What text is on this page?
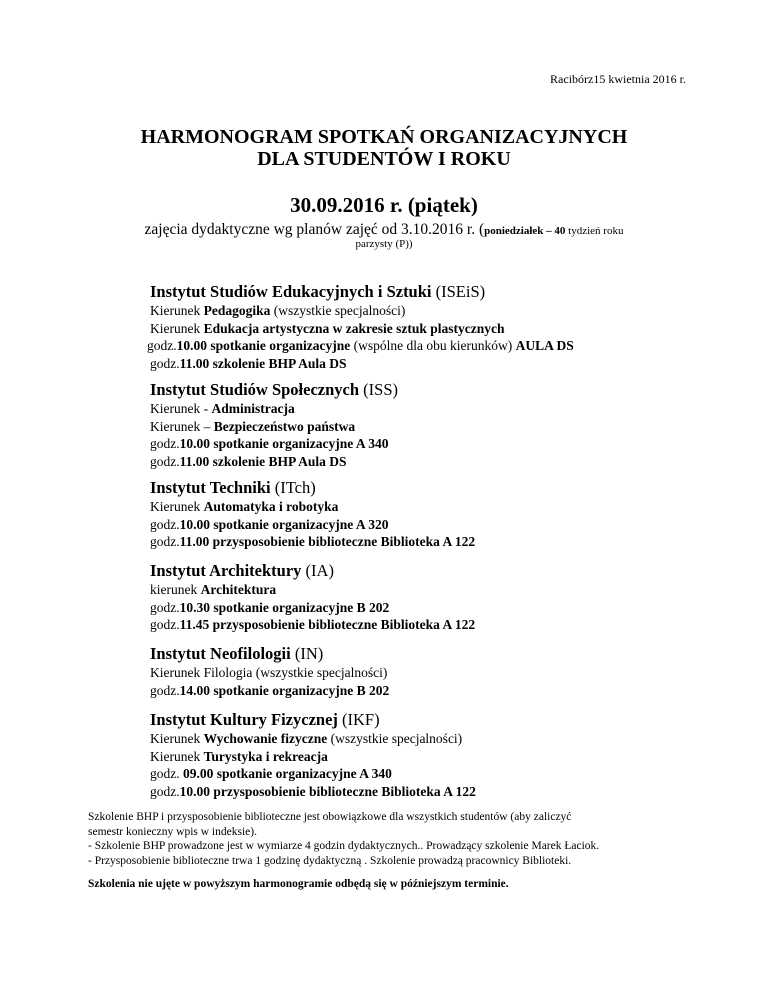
Racibórz15 kwietnia 2016 r.
HARMONOGRAM SPOTKAŃ ORGANIZACYJNYCH
DLA STUDENTÓW I ROKU
30.09.2016 r. (piątek)
zajęcia dydaktyczne wg planów zajęć od 3.10.2016 r. (poniedziałek – 40 tydzień roku
parzysty (P))
Instytut Studiów Edukacyjnych i Sztuki (ISEiS)
Kierunek Pedagogika (wszystkie specjalności)
Kierunek Edukacja artystyczna w zakresie sztuk plastycznych
godz.10.00 spotkanie organizacyjne (wspólne dla obu kierunków) AULA DS
godz.11.00 szkolenie BHP Aula DS
Instytut Studiów Społecznych (ISS)
Kierunek - Administracja
Kierunek – Bezpieczeństwo państwa
godz.10.00 spotkanie organizacyjne A 340
godz.11.00 szkolenie BHP Aula DS
Instytut Techniki (ITch)
Kierunek Automatyka i robotyka
godz.10.00 spotkanie organizacyjne A 320
godz.11.00 przysposobienie biblioteczne Biblioteka A 122
Instytut Architektury (IA)
kierunek Architektura
godz.10.30 spotkanie organizacyjne B 202
godz.11.45 przysposobienie biblioteczne Biblioteka A 122
Instytut Neofilologii (IN)
Kierunek Filologia (wszystkie specjalności)
godz.14.00 spotkanie organizacyjne B 202
Instytut Kultury Fizycznej (IKF)
Kierunek Wychowanie fizyczne (wszystkie specjalności)
Kierunek Turystyka i rekreacja
godz. 09.00 spotkanie organizacyjne A 340
godz.10.00 przysposobienie biblioteczne Biblioteka A 122
Szkolenie BHP i przysposobienie biblioteczne jest obowiązkowe dla wszystkich studentów (aby zaliczyć
semestr konieczny wpis w indeksie).
- Szkolenie BHP prowadzone jest w wymiarze 4 godzin dydaktycznych.. Prowadzący szkolenie Marek Łaciok.
- Przysposobienie biblioteczne trwa 1 godzinę dydaktyczną . Szkolenie prowadzą pracownicy Biblioteki.
Szkolenia nie ujęte w powyższym harmonogramie odbędą się w późniejszym terminie.
